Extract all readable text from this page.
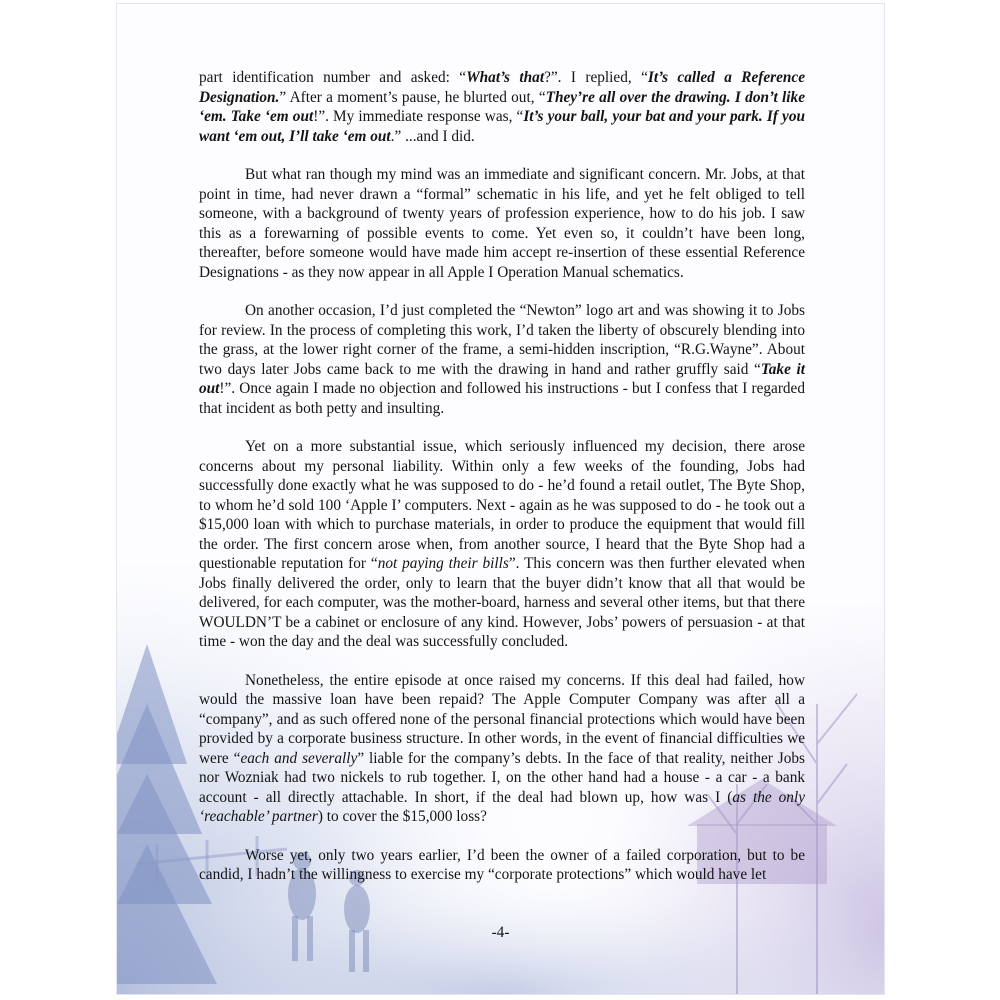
part identification number and asked: “What’s that?”. I replied, “It’s called a Reference Designation.” After a moment’s pause, he blurted out, “They’re all over the drawing. I don’t like ‘em. Take ‘em out!”. My immediate response was, “It’s your ball, your bat and your park. If you want ‘em out, I’ll take ‘em out.” ...and I did.

But what ran though my mind was an immediate and significant concern. Mr. Jobs, at that point in time, had never drawn a “formal” schematic in his life, and yet he felt obliged to tell someone, with a background of twenty years of profession experience, how to do his job. I saw this as a forewarning of possible events to come. Yet even so, it couldn’t have been long, thereafter, before someone would have made him accept re-insertion of these essential Reference Designations - as they now appear in all Apple I Operation Manual schematics.

On another occasion, I’d just completed the “Newton” logo art and was showing it to Jobs for review. In the process of completing this work, I’d taken the liberty of obscurely blending into the grass, at the lower right corner of the frame, a semi-hidden inscription, “R.G.Wayne”. About two days later Jobs came back to me with the drawing in hand and rather gruffly said “Take it out!”. Once again I made no objection and followed his instructions - but I confess that I regarded that incident as both petty and insulting.

Yet on a more substantial issue, which seriously influenced my decision, there arose concerns about my personal liability. Within only a few weeks of the founding, Jobs had successfully done exactly what he was supposed to do - he’d found a retail outlet, The Byte Shop, to whom he’d sold 100 ‘Apple I’ computers. Next - again as he was supposed to do - he took out a $15,000 loan with which to purchase materials, in order to produce the equipment that would fill the order. The first concern arose when, from another source, I heard that the Byte Shop had a questionable reputation for “not paying their bills”. This concern was then further elevated when Jobs finally delivered the order, only to learn that the buyer didn’t know that all that would be delivered, for each computer, was the mother-board, harness and several other items, but that there WOULDN’T be a cabinet or enclosure of any kind. However, Jobs’ powers of persuasion - at that time - won the day and the deal was successfully concluded.

Nonetheless, the entire episode at once raised my concerns. If this deal had failed, how would the massive loan have been repaid? The Apple Computer Company was after all a “company”, and as such offered none of the personal financial protections which would have been provided by a corporate business structure. In other words, in the event of financial difficulties we were “each and severally” liable for the company’s debts. In the face of that reality, neither Jobs nor Wozniak had two nickels to rub together. I, on the other hand had a house - a car - a bank account - all directly attachable. In short, if the deal had blown up, how was I (as the only ‘reachable’ partner) to cover the $15,000 loss?

Worse yet, only two years earlier, I’d been the owner of a failed corporation, but to be candid, I hadn’t the willingness to exercise my “corporate protections” which would have let

-4-
